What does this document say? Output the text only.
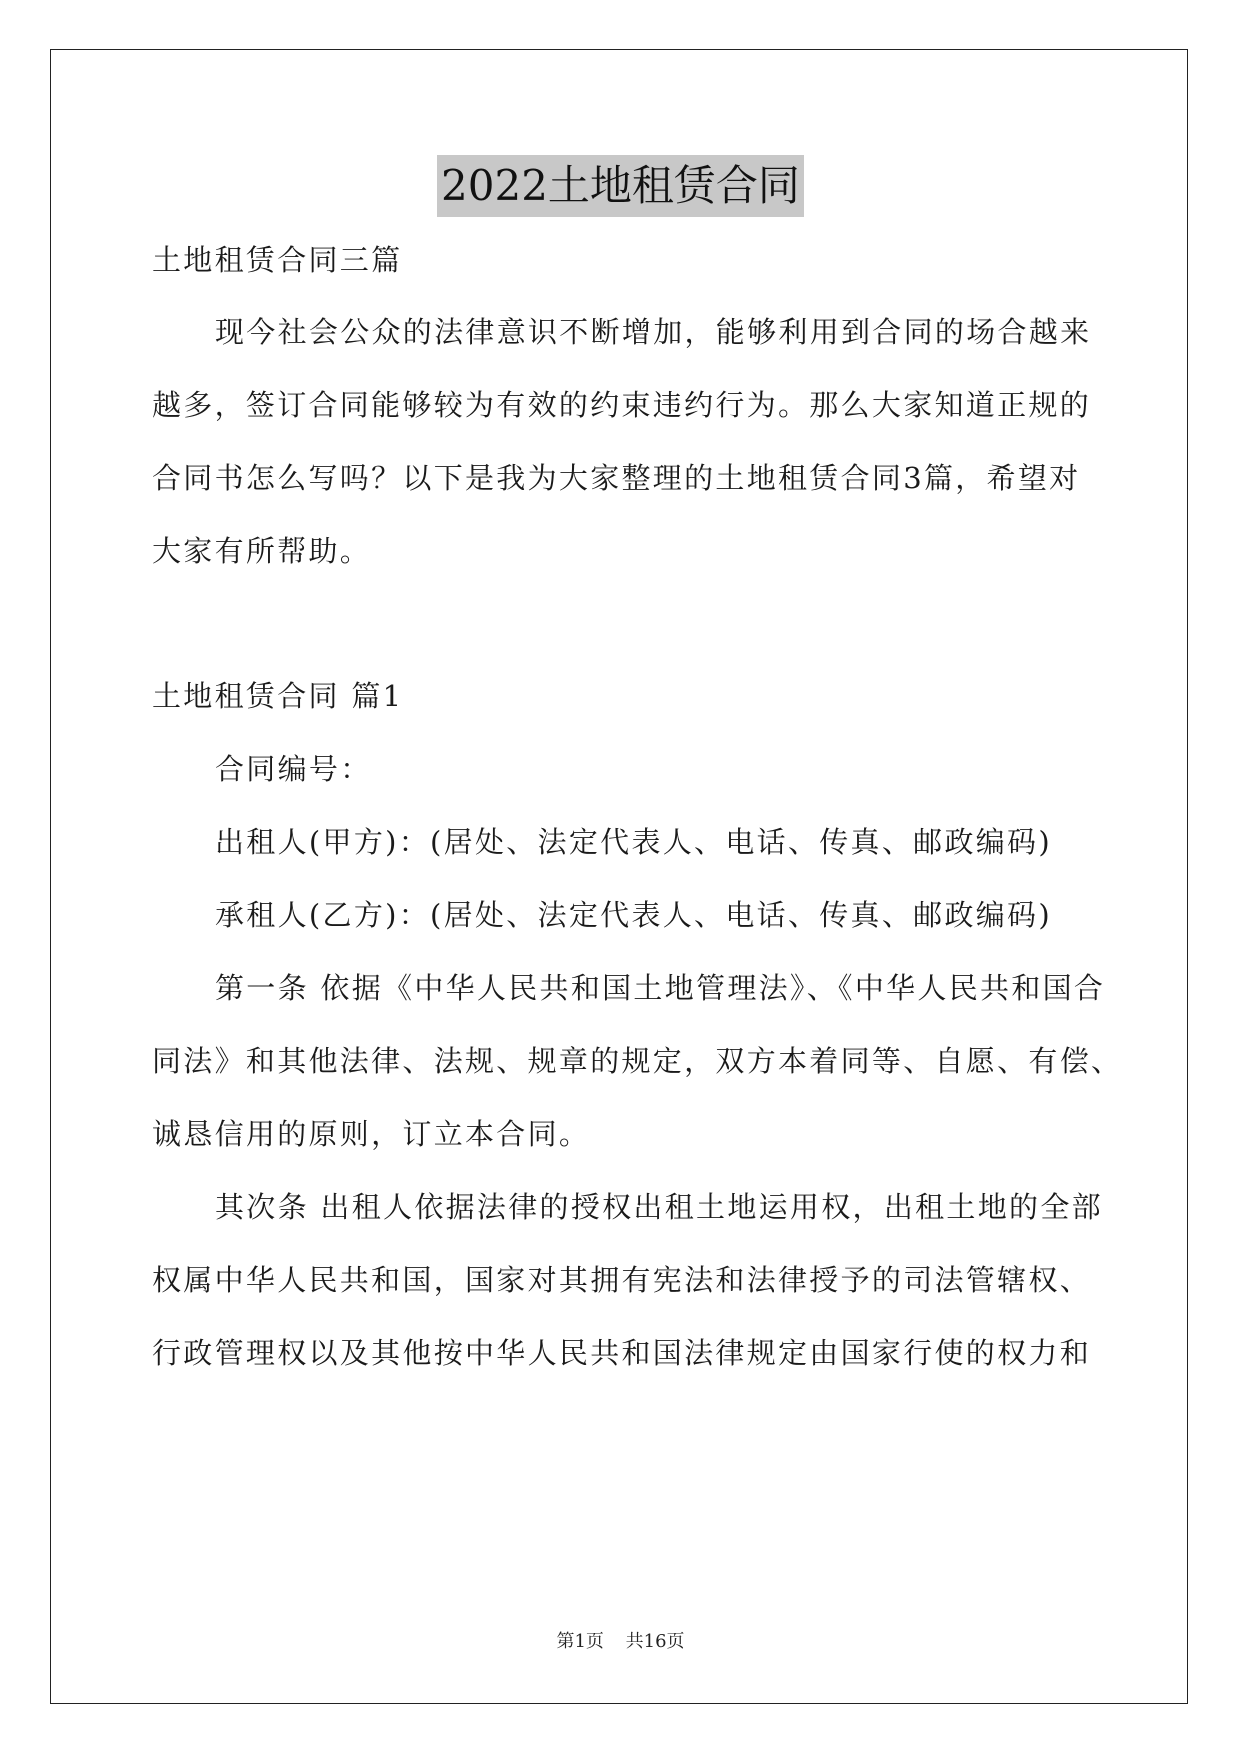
2022土地租赁合同
土地租赁合同三篇
现今社会公众的法律意识不断增加，能够利用到合同的场合越来
越多，签订合同能够较为有效的约束违约行为。那么大家知道正规的
合同书怎么写吗？以下是我为大家整理的土地租赁合同3篇，希望对
大家有所帮助。
土地租赁合同 篇1
合同编号：
出租人(甲方)：(居处、法定代表人、电话、传真、邮政编码)
承租人(乙方)：(居处、法定代表人、电话、传真、邮政编码)
第一条 依据《中华人民共和国土地管理法》、《中华人民共和国合
同法》和其他法律、法规、规章的规定，双方本着同等、自愿、有偿、
诚恳信用的原则，订立本合同。
其次条 出租人依据法律的授权出租土地运用权，出租土地的全部
权属中华人民共和国，国家对其拥有宪法和法律授予的司法管辖权、
行政管理权以及其他按中华人民共和国法律规定由国家行使的权力和
第1页 共16页
